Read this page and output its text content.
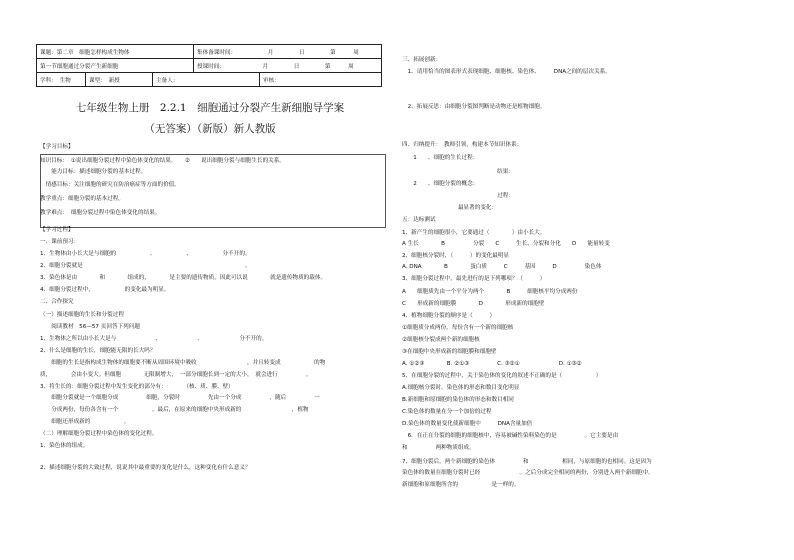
课题：第二章　细胞怎样构成生物体	集体备课时间：	月	日	第	周
第一节细胞通过分裂产生新细胞	授课时间：	月	日	第	周

学科：　生物	课型：　新授	主备人：	审核：
七年级生物上册　2.2.1　细胞通过分裂产生新细胞导学案
（无答案）（新版）新人教版
【学习目标】
知识目标：　①说出细胞分裂过程中染色体变化的结果。　　②　　说出细胞分裂与细胞生长的关系。
　　能力目标：描述细胞分裂的基本过程。
　情感目标：关注细胞的研究在防治癌症等方面的价值。
教学重点：细胞分裂的基本过程。
教学难点：　细胞分裂过程中染色体变化的结果。
【学习过程】
一、课前预习：
1、生物体由小长大是与细胞的　　　　　　、　　　　　　、　　　　　　分不开的。
2、细胞分裂就是　　　　　　　　　　　　　　　　　　　　　　　　　　　　　。
3、染色体是由　　　　和　　　　组成的，　　　　是主要的遗传物质，因此可以说　　　　就是遗传物质的载体。
4、细胞分裂过程中，　　　　　　的变化最为明显。
二、合作探究
（一）描述细胞的生长和分裂过程
　　阅读教材　56—57 页回答下列问题
1、生物体之所以由小长大是与　　　　　　　、　　　　　　　、　　　　　　　分不开的。
2、什么是细胞的生长，细胞能无限的长大吗？
　　细胞的生长是指构成生物体的细胞要不断从周围环境中吸收　　　　　　　　　，并且转变成　　　　　　的物
质，　　　　会由小变大。但细胞　　　　无限制增大，　一部分细胞长到一定的大小，　就会进行　　　　　。
3、将生长的：细胞分裂过程中发生变化的部分有：　　　　（核、质、膜、壁）
　　细胞分裂就是一个细胞分成　　　　　细胞，分裂时　　　　　先由一个分成　　　　　，随后　　　　　一
　　分成两份，每份各含有一个　　　　　　。最后，在原来的细胞中央形成新的　　　　　　　　　，植物
　　细胞还形成新的　　　　　　。
（二）理解细胞分裂过程中染色体的变化过程。
1、染色体的组成。
2、描述细胞分裂的大致过程，说说其中最重要的变化是什么，这种变化有什么意义？
三、拓展创新：
　1、请用恰当的图表形式表现细胞、细胞核、染色体、　　　DNA之间的层次关系。
　2、拓展反思：由细胞分裂图判断是动物还是植物细胞。
四、归纳提升：　教师引领，构建本节知识体系：
　　1　　、细胞的生长过程：
　　　　　　　　　　　　　　　　　结果：
　　2　　、细胞分裂的概念：
　　　　　　　　　　　　　　　　　过程：
　　　　　　　　　　最显著的变化：
五：达标测试
1、新产生的细胞很小，它要通过（　　　　）由小长大。
A 生长　　　　B　　　　　分裂　　C　　　生长、分裂和分化　　D　　能量转变
2、细胞核分裂时，（　　　）的变化最明显
A. DNA　　　　B　　　　蛋白质　　　C　　　基因　　　D　　　　　染色体
3、细胞分裂过程中，最先进行的是下列哪项？（　　　）
A　　细胞质先由一个平分为两个　　　　B　　　细胞核平均分成两份
C　　形成新的细胞膜　　　　D　　　　形成新的细胞壁
4、植物细胞分裂的顺序是（　　　）
①细胞质分成两份，每份含有一个新的细胞核
②细胞核分裂成两个新的细胞核
③在细胞中央形成新的细胞膜和细胞壁
A. ①②③　　　　B. ②①③　　　　　C. ③②①　　　　　　　D. ①③②
5、在细胞分裂的过程中，关于染色体的变化的叙述不正确的是（　　　　　　）
A.细胞核分裂时，染色体的形态和数目变化明显
B.新细胞和原细胞的染色体的形态和数目相同
C.染色体的数量在分一个加倍的过程
D.染色体的数量变化使新细胞中　　　DNA含量加倍
　6．在正在分裂的细胞的细胞核中，容易被碱性染料染色的是　　　　　。它主要是由　　　
和　　　　　两种物质组成。
7、细胞分裂后，两个新细胞的染色体　　　　　和　　　　　　相同，与原细胞的也相同。这是因为
染色体的数量在细胞分裂时已经　　　　　　　。之后分成完全相同的两份，分别进入两个新细胞中。
新细胞和原细胞所含的　　　　　　是一样的。
